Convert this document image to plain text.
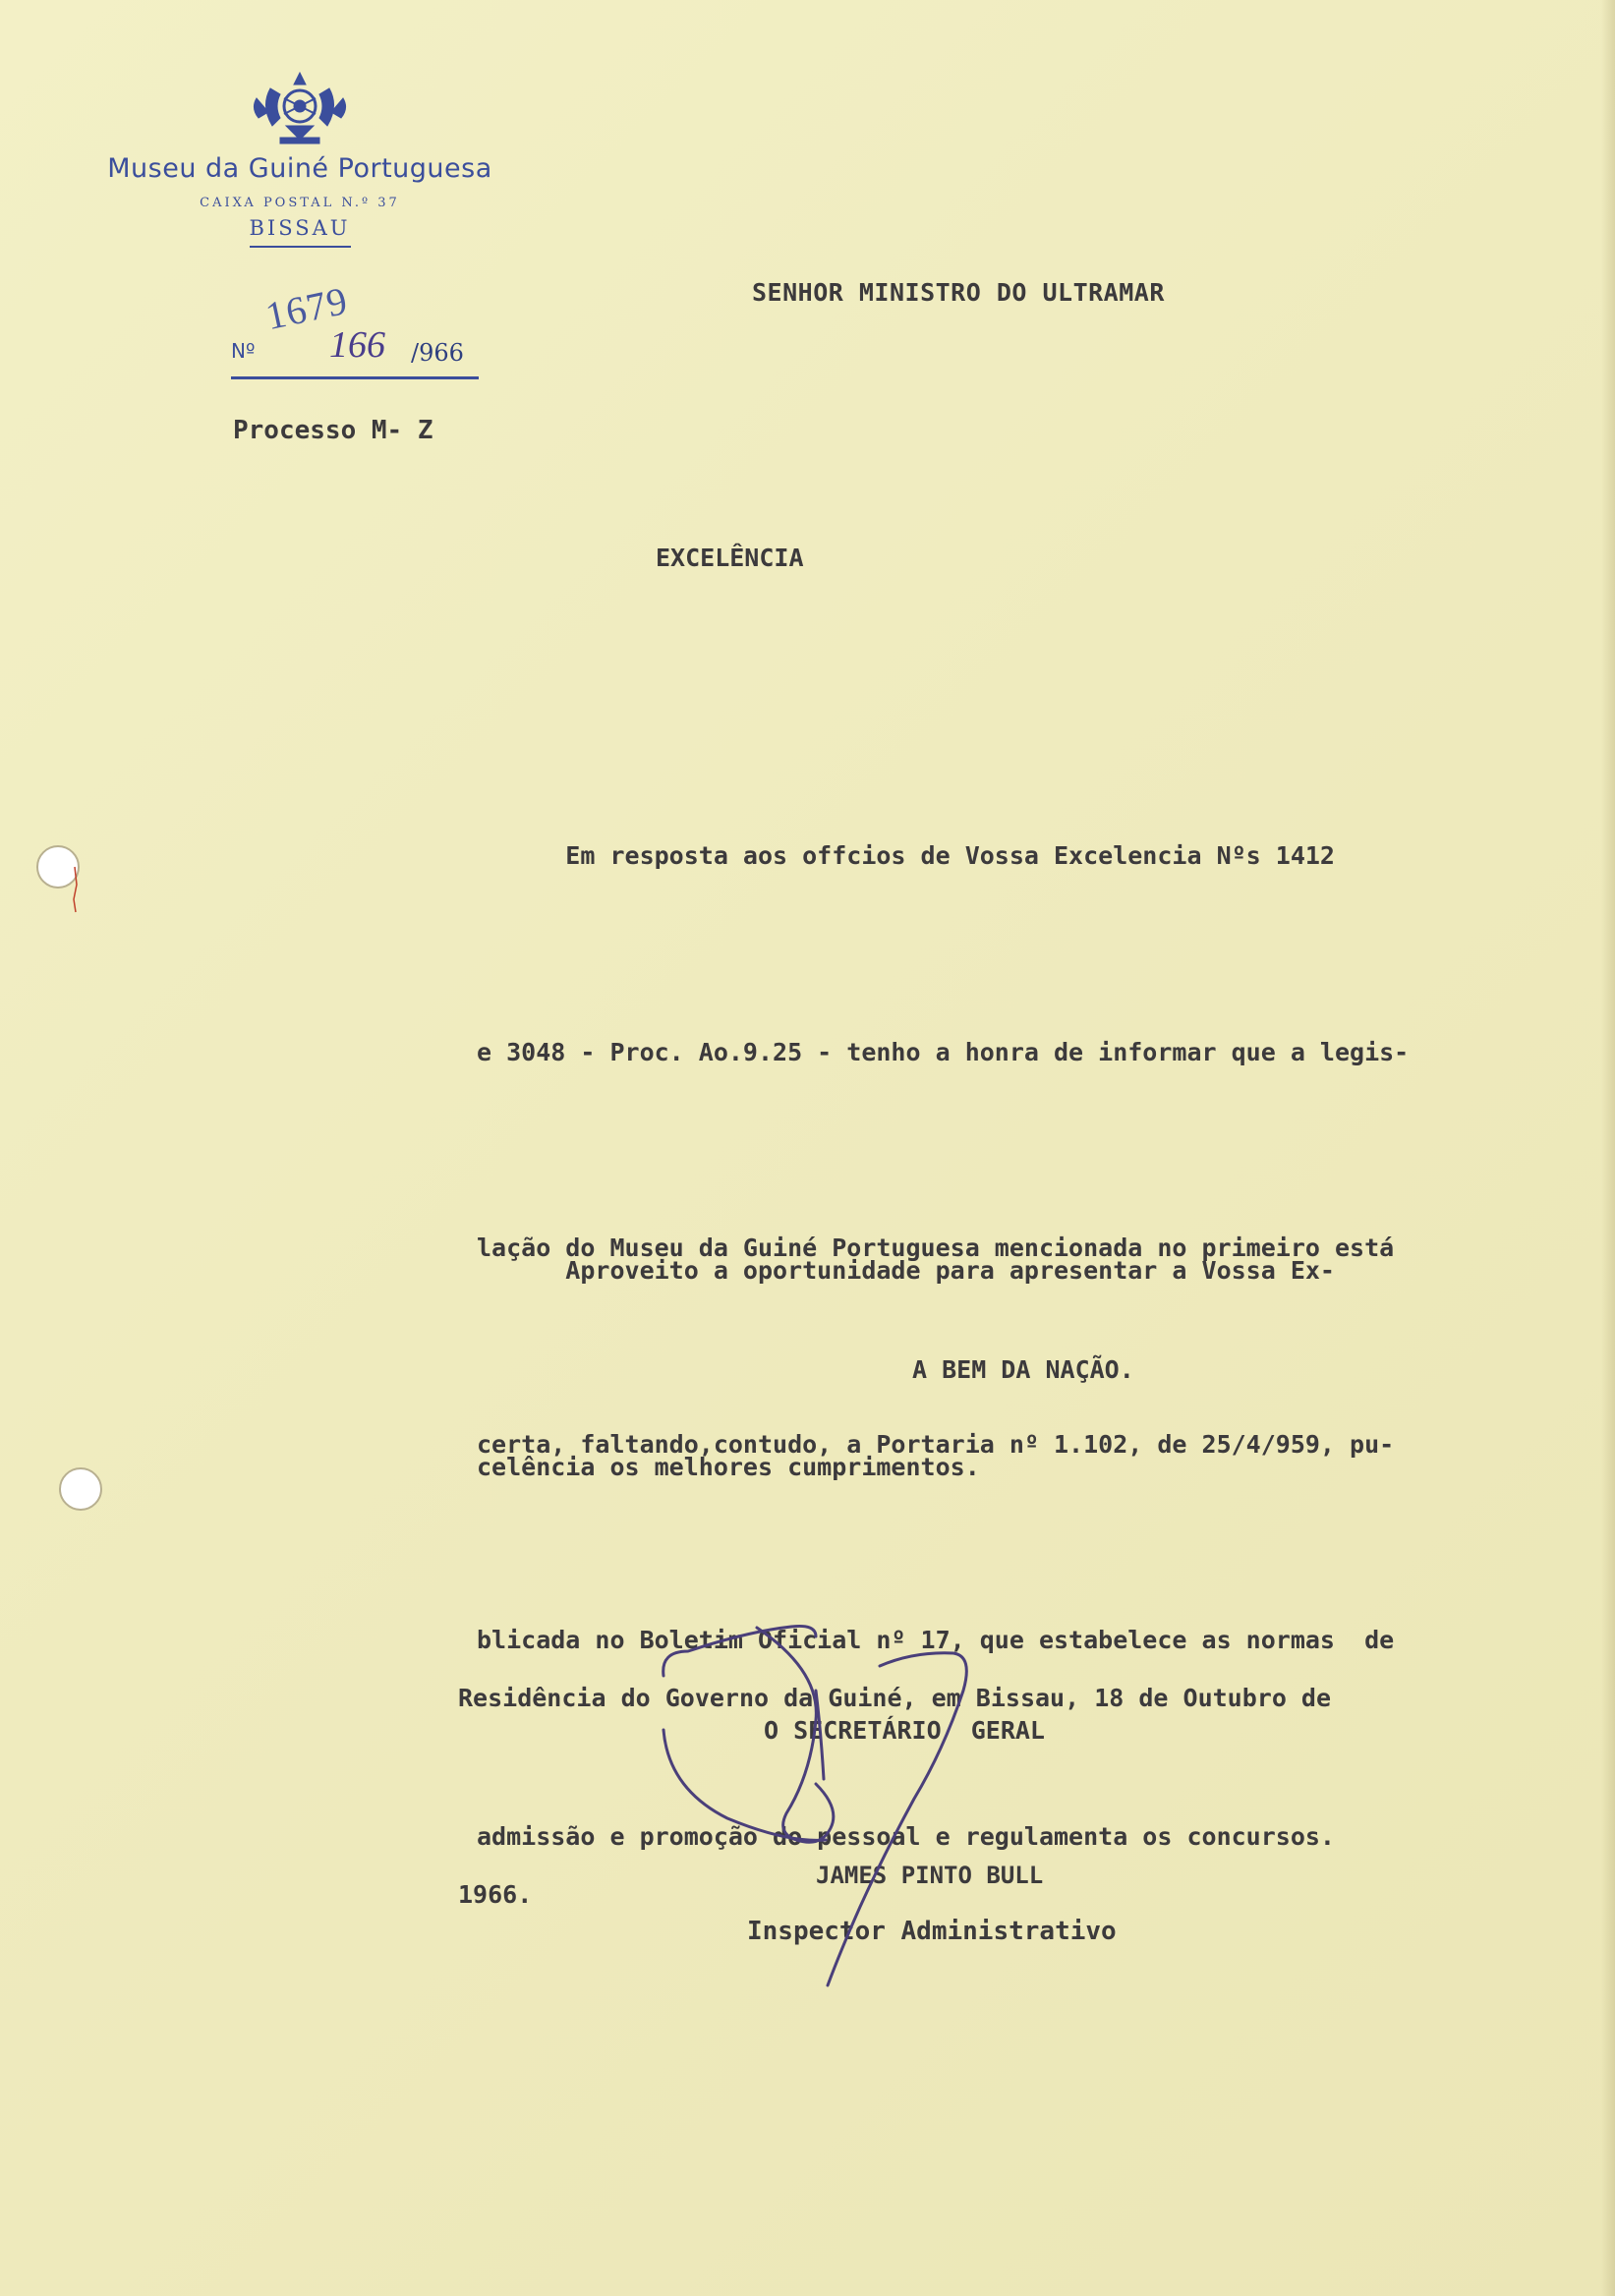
Museu da Guiné Portuguesa
CAIXA POSTAL N.º 37
BISSAU
1679
Nº 166 /966
Processo M- Z
SENHOR MINISTRO DO ULTRAMAR
EXCELÊNCIA

Em resposta aos offcios de Vossa Excelencia Nºs 1412

e 3048 - Proc. Ao.9.25 - tenho a honra de informar que a legis-

lação do Museu da Guiné Portuguesa mencionada no primeiro está

certa, faltando,contudo, a Portaria nº 1.102, de 25/4/959, pu-

blicada no Boletim Oficial nº 17, que estabelece as normas  de

admissão e promoção do pessoal e regulamenta os concursos.

Aproveito a oportunidade para apresentar a Vossa Ex-

celência os melhores cumprimentos.

A BEM DA NAÇÃO.

Residência do Governo da Guiné, em Bissau, 18 de Outubro de

1966.

O SECRETÁRIO  GERAL
JAMES PINTO BULL
Inspector Administrativo
